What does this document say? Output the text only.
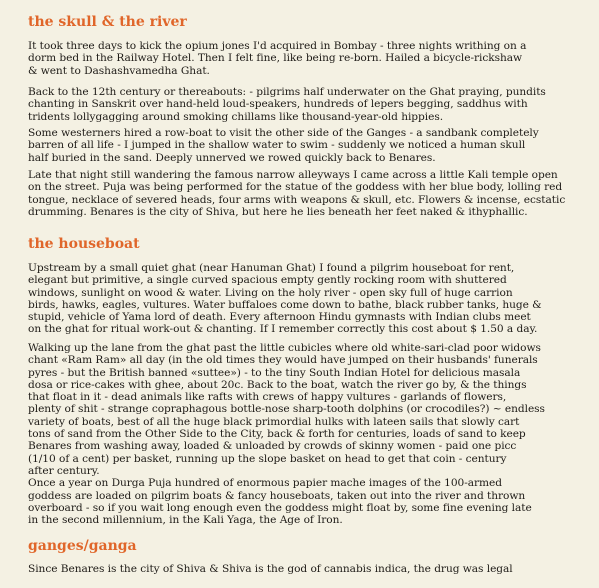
the skull & the river

It took three days to kick the opium jones I'd acquired in Bombay - three nights writhing on a
dorm bed in the Railway Hotel. Then I felt fine, like being re-born. Hailed a bicycle-rickshaw
& went to Dashashvamedha Ghat.

Back to the 12th century or thereabouts: - pilgrims half underwater on the Ghat praying, pundits
chanting in Sanskrit over hand-held loud-speakers, hundreds of lepers begging, saddhus with
tridents lollygagging around smoking chillams like thousand-year-old hippies.

Some westerners hired a row-boat to visit the other side of the Ganges - a sandbank completely
barren of all life - I jumped in the shallow water to swim - suddenly we noticed a human skull
half buried in the sand. Deeply unnerved we rowed quickly back to Benares.

Late that night still wandering the famous narrow alleyways I came across a little Kali temple open
on the street. Puja was being performed for the statue of the goddess with her blue body, lolling red
tongue, necklace of severed heads, four arms with weapons & skull, etc. Flowers & incense, ecstatic
drumming. Benares is the city of Shiva, but here he lies beneath her feet naked & ithyphallic.

the houseboat

Upstream by a small quiet ghat (near Hanuman Ghat) I found a pilgrim houseboat for rent,
elegant but primitive, a single curved spacious empty gently rocking room with shuttered
windows, sunlight on wood & water. Living on the holy river - open sky full of huge carrion
birds, hawks, eagles, vultures. Water buffaloes come down to bathe, black rubber tanks, huge &
stupid, vehicle of Yama lord of death. Every afternoon Hindu gymnasts with Indian clubs meet
on the ghat for ritual work-out & chanting. If I remember correctly this cost about $ 1.50 a day.

Walking up the lane from the ghat past the little cubicles where old white-sari-clad poor widows
chant «Ram Ram» all day (in the old times they would have jumped on their husbands' funerals
pyres - but the British banned «suttee») - to the tiny South Indian Hotel for delicious masala
dosa or rice-cakes with ghee, about 20c. Back to the boat, watch the river go by, & the things
that float in it - dead animals like rafts with crews of happy vultures - garlands of flowers,
plenty of shit - strange copraphagous bottle-nose sharp-tooth dolphins (or crocodiles?) ~ endless
variety of boats, best of all the huge black primordial hulks with lateen sails that slowly cart
tons of sand from the Other Side to the City, back & forth for centuries, loads of sand to keep
Benares from washing away, loaded & unloaded by crowds of skinny women - paid one picc
(1/10 of a cent) per basket, running up the slope basket on head to get that coin - century
after century.
Once a year on Durga Puja hundred of enormous papier mache images of the 100-armed
goddess are loaded on pilgrim boats & fancy houseboats, taken out into the river and thrown
overboard - so if you wait long enough even the goddess might float by, some fine evening late
in the second millennium, in the Kali Yaga, the Age of Iron.

ganges/ganga

Since Benares is the city of Shiva & Shiva is the god of cannabis indica, the drug was legal
